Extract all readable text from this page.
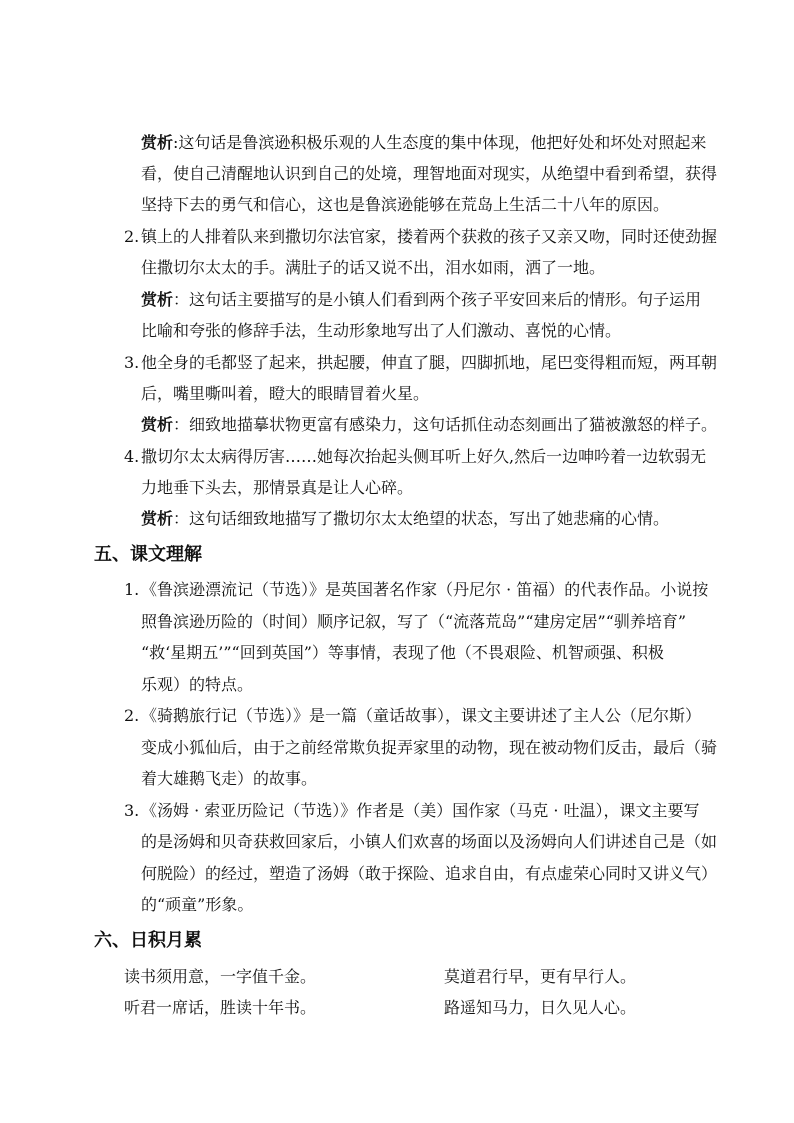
赏析:这句话是鲁滨逊积极乐观的人生态度的集中体现，他把好处和坏处对照起来
看，使自己清醒地认识到自己的处境，理智地面对现实，从绝望中看到希望，获得
坚持下去的勇气和信心，这也是鲁滨逊能够在荒岛上生活二十八年的原因。
2. 镇上的人排着队来到撒切尔法官家，搂着两个获救的孩子又亲又吻，同时还使劲握
住撒切尔太太的手。满肚子的话又说不出，泪水如雨，洒了一地。
赏析：这句话主要描写的是小镇人们看到两个孩子平安回来后的情形。句子运用
比喻和夸张的修辞手法，生动形象地写出了人们激动、喜悦的心情。
3. 他全身的毛都竖了起来，拱起腰，伸直了腿，四脚抓地，尾巴变得粗而短，两耳朝
后，嘴里嘶叫着，瞪大的眼睛冒着火星。
赏析：细致地描摹状物更富有感染力，这句话抓住动态刻画出了猫被激怒的样子。
4. 撒切尔太太病得厉害……她每次抬起头侧耳听上好久,然后一边呻吟着一边软弱无
力地垂下头去，那情景真是让人心碎。
赏析：这句话细致地描写了撒切尔太太绝望的状态，写出了她悲痛的心情。
五、课文理解
1. 《鲁滨逊漂流记（节选）》是英国著名作家（丹尼尔 · 笛福）的代表作品。小说按
照鲁滨逊历险的（时间）顺序记叙，写了（“流落荒岛”“建房定居”“驯养培育”
“救‘星期五’”“回到英国”）等事情，表现了他（不畏艰险、机智顽强、积极
乐观）的特点。
2. 《骑鹅旅行记（节选）》是一篇（童话故事），课文主要讲述了主人公（尼尔斯）
变成小狐仙后，由于之前经常欺负捉弄家里的动物，现在被动物们反击，最后（骑
着大雄鹅飞走）的故事。
3. 《汤姆 · 索亚历险记（节选）》作者是（美）国作家（马克 · 吐温），课文主要写
的是汤姆和贝奇获救回家后，小镇人们欢喜的场面以及汤姆向人们讲述自己是（如
何脱险）的经过，塑造了汤姆（敢于探险、追求自由，有点虚荣心同时又讲义气）
的“顽童”形象。
六、日积月累
读书须用意，一字值千金。	莫道君行早，更有早行人。
听君一席话，胜读十年书。	路遥知马力，日久见人心。
